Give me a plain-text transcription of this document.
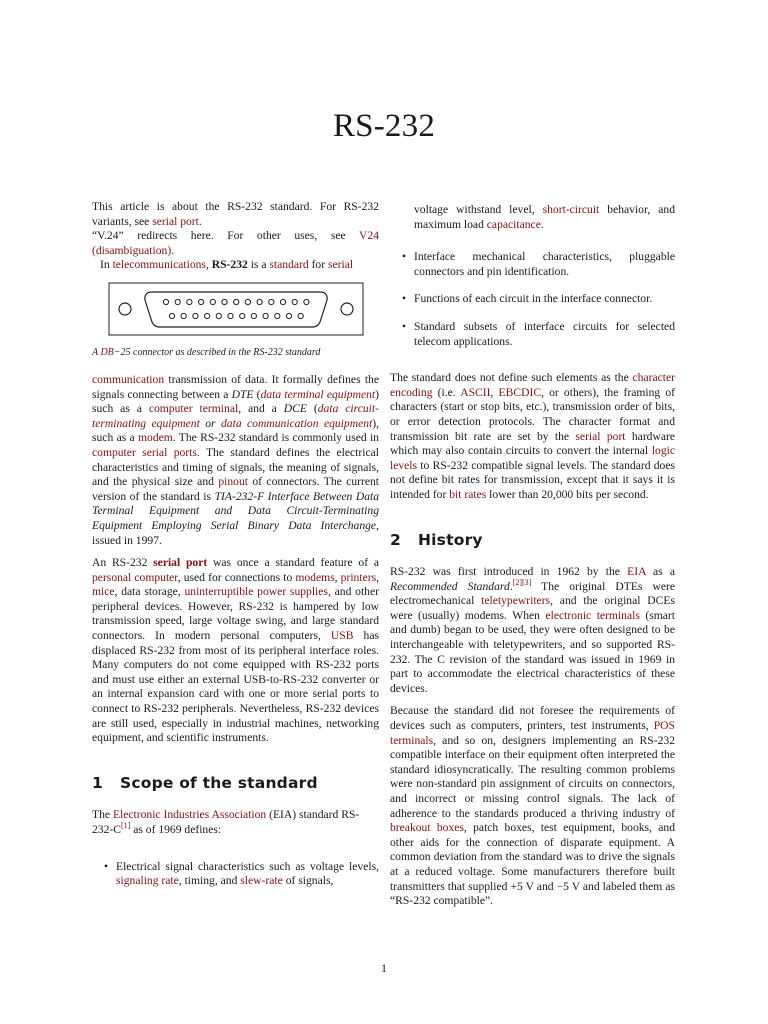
RS-232

This article is about the RS-232 standard. For RS-232 variants, see serial port.

“V.24” redirects here. For other uses, see V24 (disambiguation).

In telecommunications, RS-232 is a standard for serial

A DB−25 connector as described in the RS-232 standard

communication transmission of data. It formally defines the signals connecting between a DTE (data terminal equipment) such as a computer terminal, and a DCE (data circuit-terminating equipment or data communication equipment), such as a modem. The RS-232 standard is commonly used in computer serial ports. The standard defines the electrical characteristics and timing of signals, the meaning of signals, and the physical size and pinout of connectors. The current version of the standard is TIA-232-F Interface Between Data Terminal Equipment and Data Circuit-Terminating Equipment Employing Serial Binary Data Interchange, issued in 1997.

An RS-232 serial port was once a standard feature of a personal computer, used for connections to modems, printers, mice, data storage, uninterruptible power supplies, and other peripheral devices. However, RS-232 is hampered by low transmission speed, large voltage swing, and large standard connectors. In modern personal computers, USB has displaced RS-232 from most of its peripheral interface roles. Many computers do not come equipped with RS-232 ports and must use either an external USB-to-RS-232 converter or an internal expansion card with one or more serial ports to connect to RS-232 peripherals. Nevertheless, RS-232 devices are still used, especially in industrial machines, networking equipment, and scientific instruments.

1 Scope of the standard

The Electronic Industries Association (EIA) standard RS-232-C[1] as of 1969 defines:

• Electrical signal characteristics such as voltage levels, signaling rate, timing, and slew-rate of signals,
voltage withstand level, short-circuit behavior, and maximum load capacitance.
• Interface mechanical characteristics, pluggable connectors and pin identification.
• Functions of each circuit in the interface connector.
• Standard subsets of interface circuits for selected telecom applications.

The standard does not define such elements as the character encoding (i.e. ASCII, EBCDIC, or others), the framing of characters (start or stop bits, etc.), transmission order of bits, or error detection protocols. The character format and transmission bit rate are set by the serial port hardware which may also contain circuits to convert the internal logic levels to RS-232 compatible signal levels. The standard does not define bit rates for transmission, except that it says it is intended for bit rates lower than 20,000 bits per second.

2 History

RS-232 was first introduced in 1962 by the EIA as a Recommended Standard.[2][3] The original DTEs were electromechanical teletypewriters, and the original DCEs were (usually) modems. When electronic terminals (smart and dumb) began to be used, they were often designed to be interchangeable with teletypewriters, and so supported RS-232. The C revision of the standard was issued in 1969 in part to accommodate the electrical characteristics of these devices.

Because the standard did not foresee the requirements of devices such as computers, printers, test instruments, POS terminals, and so on, designers implementing an RS-232 compatible interface on their equipment often interpreted the standard idiosyncratically. The resulting common problems were non-standard pin assignment of circuits on connectors, and incorrect or missing control signals. The lack of adherence to the standards produced a thriving industry of breakout boxes, patch boxes, test equipment, books, and other aids for the connection of disparate equipment. A common deviation from the standard was to drive the signals at a reduced voltage. Some manufacturers therefore built transmitters that supplied +5 V and −5 V and labeled them as “RS-232 compatible”.

1
